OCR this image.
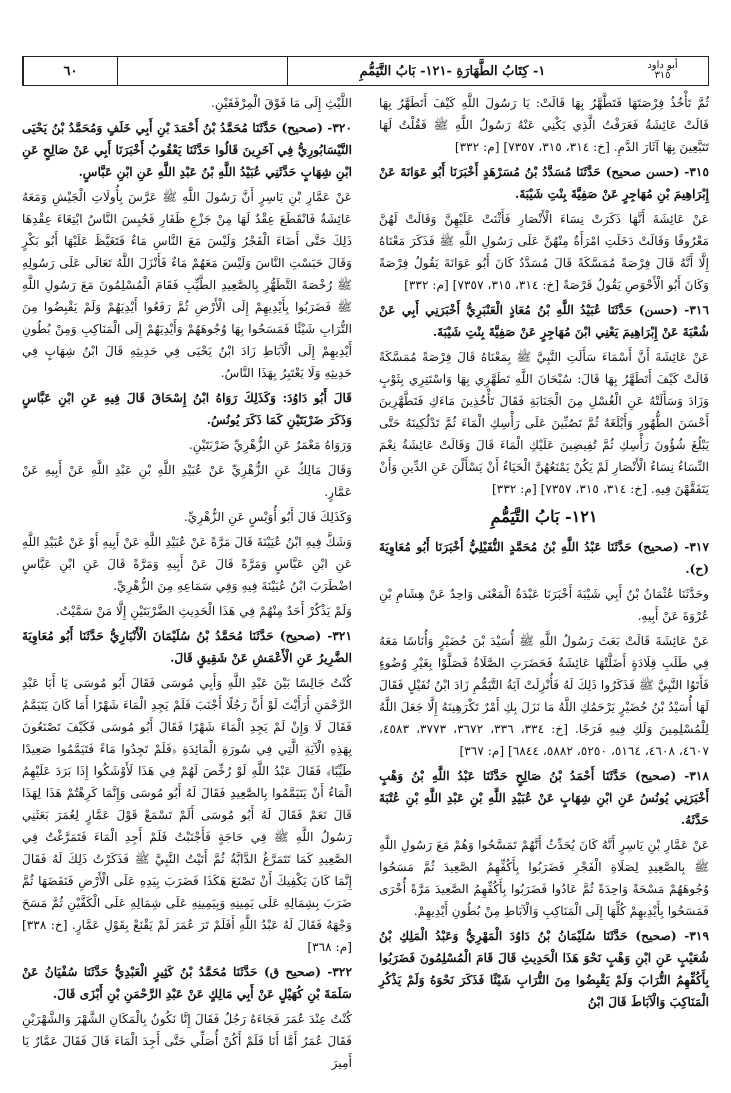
أبو داود
٣١٥
١- كِتَابُ الطَّهَارَةِ -١٢١- بَابُ التَّيَمُّمِ
٦٠

ثُمَّ تَأْخُذُ فِرْصَتَهَا فَتَطَّهَّرُ بِهَا قَالَتْ: يَا رَسُولَ اللَّهِ كَيْفَ أَتَطَهَّرُ بِهَا قَالَتْ عَائِشَةُ فَعَرَفْتُ الَّذِي يَكْنِي عَنْهُ رَسُولُ اللَّهِ ﷺ فَقُلْتُ لَهَا تَتَبَّعِينَ بِهَا آثَارَ الدَّمِ. [خ: ٣١٤، ٣١٥، ٧٣٥٧] [م: ٣٣٢]

٣١٥- (حسن صحيح) حَدَّثَنَا مُسَدَّدُ بْنُ مُسَرْهَدٍ أَخْبَرَنَا أَبُو عَوَانَةَ عَنْ إِبْرَاهِيمَ بْنِ مُهَاجِرٍ عَنْ صَفِيَّةَ بِنْتِ شَيْبَةَ.

عَنْ عَائِشَةَ أَنَّهَا ذَكَرَتْ نِسَاءَ الْأَنْصَارِ فَأَثْنَتْ عَلَيْهِنَّ وَقَالَتْ لَهُنَّ مَعْرُوفًا وَقَالَتْ دَخَلَتِ امْرَأَةٌ مِنْهُنَّ عَلَى رَسُولِ اللَّهِ ﷺ فَذَكَرَ مَعْنَاهُ إِلَّا أَنَّهُ قَالَ فِرْصَةً مُمَسَّكَةً قَالَ مُسَدَّدٌ كَانَ أَبُو عَوَانَةَ يَقُولُ فِرْصَةً وَكَانَ أَبُو الْأَحْوَصِ يَقُولُ قَرْصَةً [خ: ٣١٤، ٣١٥، ٧٣٥٧] [م: ٣٣٢]

٣١٦- (حسن) حَدَّثَنَا عُبَيْدُ اللَّهِ بْنُ مُعَاذٍ الْعَنْبَرِيُّ أَخْبَرَنِي أَبِي عَنْ شُعْبَةَ عَنْ إِبْرَاهِيمَ يَعْنِي ابْنَ مُهَاجِرٍ عَنْ صَفِيَّةَ بِنْتِ شَيْبَةَ.

عَنْ عَائِشَةَ أَنَّ أَسْمَاءَ سَأَلَتِ النَّبِيَّ ﷺ بِمَعْنَاهُ قَالَ فِرْصَةً مُمَسَّكَةً قَالَتْ كَيْفَ أَتَطَهَّرُ بِهَا قَالَ: سُبْحَانَ اللَّهِ تَطَهَّرِي بِهَا وَاسْتَتِرِي بِثَوْبٍ وَزَادَ وَسَأَلَتْهُ عَنِ الْغُسْلِ مِنَ الْجَنَابَةِ فَقَالَ تَأْخُذِينَ مَاءَكِ فَتَطَّهَّرِينَ أَحْسَنَ الطُّهُورِ وَأَبْلَغَهُ ثُمَّ تَصُبِّينَ عَلَى رَأْسِكِ الْمَاءَ ثُمَّ تَدْلُكِينَهُ حَتَّى يَبْلُغَ شُؤُونَ رَأْسِكِ ثُمَّ تُفِيضِينَ عَلَيْكِ الْمَاءَ قَالَ وَقَالَتْ عَائِشَةُ نِعْمَ النِّسَاءُ نِسَاءُ الْأَنْصَارِ لَمْ يَكُنْ يَمْنَعُهُنَّ الْحَيَاءُ أَنْ يَسْأَلْنَ عَنِ الدِّينِ وَأَنْ يَتَفَقَّهْنَ فِيهِ. [خ: ٣١٤، ٣١٥، ٧٣٥٧] [م: ٣٣٢]

١٢١- بَابُ التَّيَمُّمِ

٣١٧- (صحيح) حَدَّثَنَا عَبْدُ اللَّهِ بْنُ مُحَمَّدٍ النُّفَيْلِيُّ أَخْبَرَنَا أَبُو مُعَاوِيَةَ (ح).

وحَدَّثَنَا عُثْمَانُ بْنُ أَبِي شَيْبَةَ أَخْبَرَنَا عَبْدَةُ الْمَعْنَى وَاحِدٌ عَنْ هِشَامِ بْنِ عُرْوَةَ عَنْ أَبِيهِ.

عَنْ عَائِشَةَ قَالَتْ بَعَثَ رَسُولُ اللَّهِ ﷺ أُسَيْدَ بْنَ حُضَيْرٍ وَأُنَاسًا مَعَهُ فِي طَلَبِ قِلَادَةٍ أَضَلَّتْهَا عَائِشَةُ فَحَضَرَتِ الصَّلَاةُ فَصَلَّوْا بِغَيْرِ وُضُوءٍ فَأَتَوُا النَّبِيَّ ﷺ فَذَكَرُوا ذَلِكَ لَهُ فَأُنْزِلَتْ آيَةُ التَّيَمُّمِ زَادَ ابْنُ نُفَيْلٍ فَقَالَ لَهَا أُسَيْدُ بْنُ حُضَيْرٍ يَرْحَمُكِ اللَّهُ مَا نَزَلَ بِكِ أَمْرٌ تَكْرَهِينَهُ إِلَّا جَعَلَ اللَّهُ لِلْمُسْلِمِينَ وَلَكِ فِيهِ فَرَجًا. [خ: ٣٣٤، ٣٣٦، ٣٦٧٢، ٣٧٧٣، ٤٥٨٣، ٤٦٠٧، ٤٦٠٨، ٥١٦٤، ٥٢٥٠، ٥٨٨٢، ٦٨٤٤] [م: ٣٦٧]

٣١٨- (صحيح) حَدَّثَنَا أَحْمَدُ بْنُ صَالِحٍ حَدَّثَنَا عَبْدُ اللَّهِ بْنُ وَهْبٍ أَخْبَرَنِي يُونُسُ عَنِ ابْنِ شِهَابٍ عَنْ عُبَيْدِ اللَّهِ بْنِ عَبْدِ اللَّهِ بْنِ عُتْبَةَ حَدَّثَهُ.

عَنْ عَمَّارِ بْنِ يَاسِرٍ أَنَّهُ كَانَ يُحَدِّثُ أَنَّهُمْ تَمَسَّحُوا وَهُمْ مَعَ رَسُولِ اللَّهِ ﷺ بِالصَّعِيدِ لِصَلَاةِ الْفَجْرِ فَضَرَبُوا بِأَكُفِّهِمُ الصَّعِيدَ ثُمَّ مَسَحُوا وُجُوهَهُمْ مَسْحَةً وَاحِدَةً ثُمَّ عَادُوا فَضَرَبُوا بِأَكُفِّهِمُ الصَّعِيدَ مَرَّةً أُخْرَى فَمَسَحُوا بِأَيْدِيهِمْ كُلِّهَا إِلَى الْمَنَاكِبِ وَالْآبَاطِ مِنْ بُطُونِ أَيْدِيهِمْ.

٣١٩- (صحيح) حَدَّثَنَا سُلَيْمَانُ بْنُ دَاوُدَ الْمَهْرِيُّ وَعَبْدُ الْمَلِكِ بْنُ شُعَيْبٍ عَنِ ابْنِ وَهْبٍ نَحْوَ هَذَا الْحَدِيثِ قَالَ قَامَ الْمُسْلِمُونَ فَضَرَبُوا بِأَكُفِّهِمُ التُّرَابَ وَلَمْ يَقْبِضُوا مِنَ التُّرَابِ شَيْئًا فَذَكَرَ نَحْوَهُ وَلَمْ يَذْكُرِ الْمَنَاكِبَ وَالْآبَاطَ قَالَ ابْنُ

اللَّيْثِ إِلَى مَا فَوْقَ الْمِرْفَقَيْنِ.

٣٢٠- (صحيح) حَدَّثَنَا مُحَمَّدُ بْنُ أَحْمَدَ بْنِ أَبِي خَلَفٍ وَمُحَمَّدُ بْنُ يَحْيَى النَّيْسَابُورِيُّ فِي آخَرِينَ قَالُوا حَدَّثَنَا يَعْقُوبُ أَخْبَرَنَا أَبِي عَنْ صَالِحٍ عَنِ ابْنِ شِهَابٍ حَدَّثَنِي عُبَيْدُ اللَّهِ بْنُ عَبْدِ اللَّهِ عَنِ ابْنِ عَبَّاسٍ.

عَنْ عَمَّارِ بْنِ يَاسِرٍ أَنَّ رَسُولَ اللَّهِ ﷺ عَرَّسَ بِأُولَاتِ الْجَيْشِ وَمَعَهُ عَائِشَةُ فَانْقَطَعَ عِقْدٌ لَهَا مِنْ جَزْعِ ظَفَارِ فَحُبِسَ النَّاسُ ابْتِغَاءَ عِقْدِهَا ذَلِكَ حَتَّى أَضَاءَ الْفَجْرُ وَلَيْسَ مَعَ النَّاسِ مَاءٌ فَتَغَيَّظَ عَلَيْهَا أَبُو بَكْرٍ وَقَالَ حَبَسْتِ النَّاسَ وَلَيْسَ مَعَهُمْ مَاءٌ فَأَنْزَلَ اللَّهُ تَعَالَى عَلَى رَسُولِهِ ﷺ رُخْصَةَ التَّطَهُّرِ بِالصَّعِيدِ الطَّيِّبِ فَقَامَ الْمُسْلِمُونَ مَعَ رَسُولِ اللَّهِ ﷺ فَضَرَبُوا بِأَيْدِيهِمْ إِلَى الْأَرْضِ ثُمَّ رَفَعُوا أَيْدِيَهُمْ وَلَمْ يَقْبِضُوا مِنَ التُّرَابِ شَيْئًا فَمَسَحُوا بِهَا وُجُوهَهُمْ وَأَيْدِيَهُمْ إِلَى الْمَنَاكِبِ وَمِنْ بُطُونِ أَيْدِيهِمْ إِلَى الْآبَاطِ زَادَ ابْنُ يَحْيَى فِي حَدِيثِهِ قَالَ ابْنُ شِهَابٍ فِي حَدِيثِهِ وَلَا يَعْتَبِرُ بِهَذَا النَّاسُ.

قَالَ أَبُو دَاوُدَ: وَكَذَلِكَ رَوَاهُ ابْنُ إِسْحَاقَ قَالَ فِيهِ عَنِ ابْنِ عَبَّاسٍ وَذَكَرَ ضَرْبَتَيْنِ كَمَا ذَكَرَ يُونُسُ.

وَرَوَاهُ مَعْمَرٌ عَنِ الزُّهْرِيِّ ضَرْبَتَيْنِ.

وَقَالَ مَالِكٌ عَنِ الزُّهْرِيِّ عَنْ عُبَيْدِ اللَّهِ بْنِ عَبْدِ اللَّهِ عَنْ أَبِيهِ عَنْ عَمَّارٍ.

وَكَذَلِكَ قَالَ أَبُو أُوَيْسٍ عَنِ الزُّهْرِيِّ.

وَشَكَّ فِيهِ ابْنُ عُيَيْنَةَ قَالَ مَرَّةً عَنْ عُبَيْدِ اللَّهِ عَنْ أَبِيهِ أَوْ عَنْ عُبَيْدِ اللَّهِ عَنِ ابْنِ عَبَّاسٍ وَمَرَّةً قَالَ عَنْ أَبِيهِ وَمَرَّةً قَالَ عَنِ ابْنِ عَبَّاسٍ اضْطَرَبَ ابْنُ عُيَيْنَةَ فِيهِ وَفِي سَمَاعِهِ مِنَ الزُّهْرِيِّ.

وَلَمْ يَذْكُرْ أَحَدٌ مِنْهُمْ فِي هَذَا الْحَدِيثِ الضَّرْبَتَيْنِ إِلَّا مَنْ سَمَّيْتُ.

٣٢١- (صحيح) حَدَّثَنَا مُحَمَّدُ بْنُ سُلَيْمَانَ الْأَنْبَارِيُّ حَدَّثَنَا أَبُو مُعَاوِيَةَ الضَّرِيرُ عَنِ الْأَعْمَشِ عَنْ شَقِيقٍ قَالَ.

كُنْتُ جَالِسًا بَيْنَ عَبْدِ اللَّهِ وَأَبِي مُوسَى فَقَالَ أَبُو مُوسَى يَا أَبَا عَبْدِ الرَّحْمَنِ أَرَأَيْتَ لَوْ أَنَّ رَجُلًا أَجْنَبَ فَلَمْ يَجِدِ الْمَاءَ شَهْرًا أَمَا كَانَ يَتَيَمَّمُ فَقَالَ لَا وَإِنْ لَمْ يَجِدِ الْمَاءَ شَهْرًا فَقَالَ أَبُو مُوسَى فَكَيْفَ تَصْنَعُونَ بِهَذِهِ الْآيَةِ الَّتِي فِي سُورَةِ الْمَائِدَةِ ﴿فَلَمْ تَجِدُوا مَاءً فَتَيَمَّمُوا صَعِيدًا طَيِّبًا﴾ فَقَالَ عَبْدُ اللَّهِ لَوْ رُخِّصَ لَهُمْ فِي هَذَا لَأَوْشَكُوا إِذَا بَرَدَ عَلَيْهِمُ الْمَاءُ أَنْ يَتَيَمَّمُوا بِالصَّعِيدِ فَقَالَ لَهُ أَبُو مُوسَى وَإِنَّمَا كَرِهْتُمْ هَذَا لِهَذَا قَالَ نَعَمْ فَقَالَ لَهُ أَبُو مُوسَى أَلَمْ تَسْمَعْ قَوْلَ عَمَّارٍ لِعُمَرَ بَعَثَنِي رَسُولُ اللَّهِ ﷺ فِي حَاجَةٍ فَأَجْنَبْتُ فَلَمْ أَجِدِ الْمَاءَ فَتَمَرَّغْتُ فِي الصَّعِيدِ كَمَا تَتَمَرَّغُ الدَّابَّةُ ثُمَّ أَتَيْتُ النَّبِيَّ ﷺ فَذَكَرْتُ ذَلِكَ لَهُ فَقَالَ إِنَّمَا كَانَ يَكْفِيكَ أَنْ تَصْنَعَ هَكَذَا فَضَرَبَ بِيَدِهِ عَلَى الْأَرْضِ فَنَفَضَهَا ثُمَّ ضَرَبَ بِشِمَالِهِ عَلَى يَمِينِهِ وَبِيَمِينِهِ عَلَى شِمَالِهِ عَلَى الْكَفَّيْنِ ثُمَّ مَسَحَ وَجْهَهُ فَقَالَ لَهُ عَبْدُ اللَّهِ أَفَلَمْ تَرَ عُمَرَ لَمْ يَقْنَعْ بِقَوْلِ عَمَّارٍ. [خ: ٣٣٨] [م: ٣٦٨]

٣٢٢- (صحيح ق) حَدَّثَنَا مُحَمَّدُ بْنُ كَثِيرٍ الْعَبْدِيُّ حَدَّثَنَا سُفْيَانُ عَنْ سَلَمَةَ بْنِ كُهَيْلٍ عَنْ أَبِي مَالِكٍ عَنْ عَبْدِ الرَّحْمَنِ بْنِ أَبْزَى قَالَ.

كُنْتُ عِنْدَ عُمَرَ فَجَاءَهُ رَجُلٌ فَقَالَ إِنَّا نَكُونُ بِالْمَكَانِ الشَّهْرَ وَالشَّهْرَيْنِ فَقَالَ عُمَرُ أَمَّا أَنَا فَلَمْ أَكُنْ أُصَلِّي حَتَّى أَجِدَ الْمَاءَ قَالَ فَقَالَ عَمَّارٌ يَا أَمِيرَ
